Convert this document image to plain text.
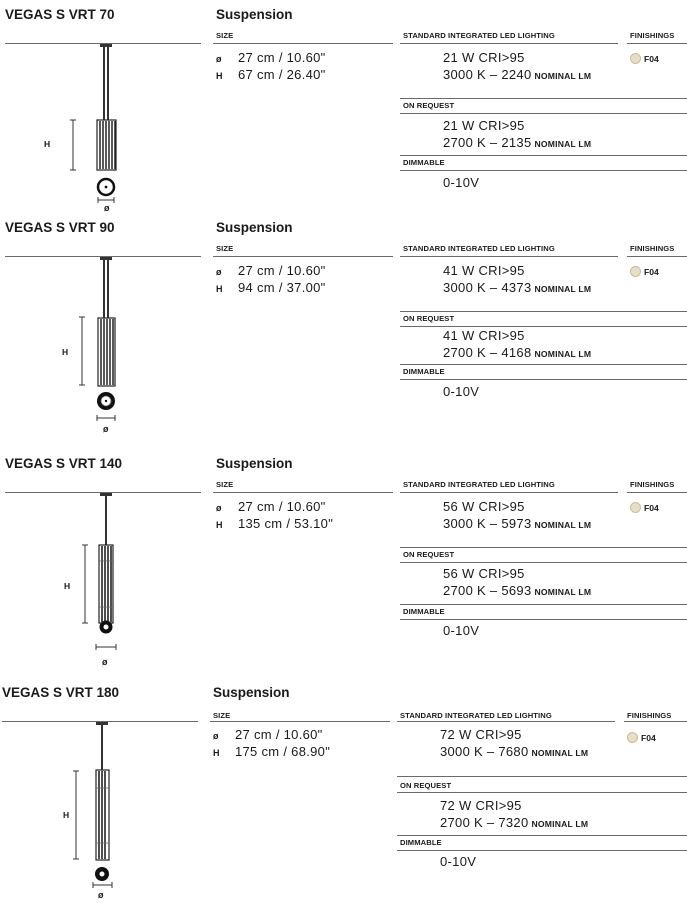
VEGAS S VRT 70	Suspension
SIZE	STANDARD INTEGRATED LED LIGHTING	FINISHINGS
ø 27 cm / 10.60"
H 67 cm / 26.40"
21 W CRI>95
3000 K – 2240 NOMINAL LM
F04
ON REQUEST
21 W CRI>95
2700 K – 2135 NOMINAL LM
DIMMABLE
0-10V
H
ø
VEGAS S VRT 90	Suspension
SIZE	STANDARD INTEGRATED LED LIGHTING	FINISHINGS
ø 27 cm / 10.60"
H 94 cm / 37.00"
41 W CRI>95
3000 K – 4373 NOMINAL LM
F04
ON REQUEST
41 W CRI>95
2700 K – 4168 NOMINAL LM
DIMMABLE
0-10V
H
ø
VEGAS S VRT 140	Suspension
SIZE	STANDARD INTEGRATED LED LIGHTING	FINISHINGS
ø 27 cm / 10.60"
H 135 cm / 53.10"
56 W CRI>95
3000 K – 5973 NOMINAL LM
F04
ON REQUEST
56 W CRI>95
2700 K – 5693 NOMINAL LM
DIMMABLE
0-10V
H
ø
VEGAS S VRT 180	Suspension
SIZE	STANDARD INTEGRATED LED LIGHTING	FINISHINGS
ø 27 cm / 10.60"
H 175 cm / 68.90"
72 W CRI>95
3000 K – 7680 NOMINAL LM
F04
ON REQUEST
72 W CRI>95
2700 K – 7320 NOMINAL LM
DIMMABLE
0-10V
H
ø
